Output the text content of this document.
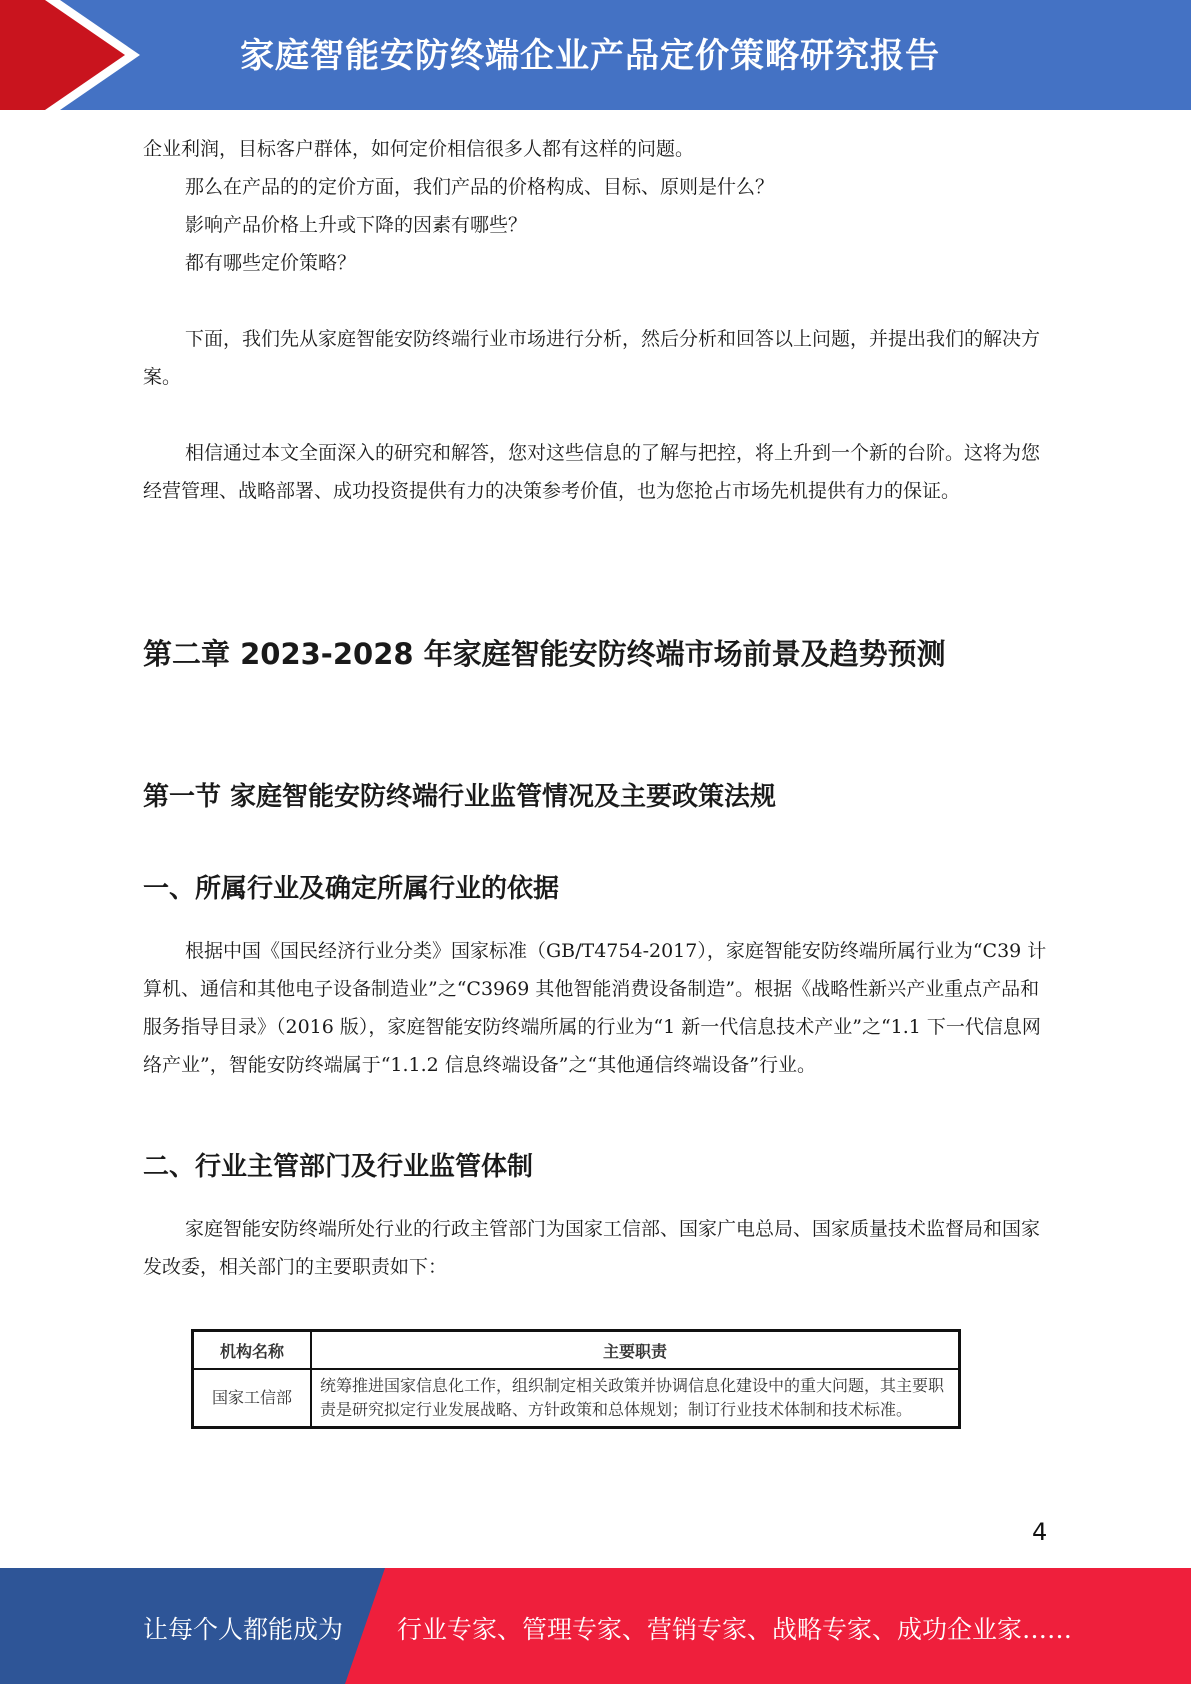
家庭智能安防终端企业产品定价策略研究报告

企业利润，目标客户群体，如何定价相信很多人都有这样的问题。

那么在产品的的定价方面，我们产品的价格构成、目标、原则是什么？

影响产品价格上升或下降的因素有哪些？

都有哪些定价策略？

下面，我们先从家庭智能安防终端行业市场进行分析，然后分析和回答以上问题，并提出我们的解决方案。

相信通过本文全面深入的研究和解答，您对这些信息的了解与把控，将上升到一个新的台阶。这将为您经营管理、战略部署、成功投资提供有力的决策参考价值，也为您抢占市场先机提供有力的保证。

第二章 2023-2028 年家庭智能安防终端市场前景及趋势预测
第一节 家庭智能安防终端行业监管情况及主要政策法规
一、所属行业及确定所属行业的依据

根据中国《国民经济行业分类》国家标准（GB/T4754-2017），家庭智能安防终端所属行业为“C39 计算机、通信和其他电子设备制造业”之“C3969 其他智能消费设备制造”。根据《战略性新兴产业重点产品和服务指导目录》（2016 版），家庭智能安防终端所属的行业为“1 新一代信息技术产业”之“1.1 下一代信息网络产业”，智能安防终端属于“1.1.2 信息终端设备”之“其他通信终端设备”行业。

二、行业主管部门及行业监管体制

家庭智能安防终端所处行业的行政主管部门为国家工信部、国家广电总局、国家质量技术监督局和国家发改委，相关部门的主要职责如下：

机构名称	主要职责
国家工信部	统筹推进国家信息化工作，组织制定相关政策并协调信息化建设中的重大问题，其主要职责是研究拟定行业发展战略、方针政策和总体规划；制订行业技术体制和技术标准。
4
让每个人都能成为 行业专家、管理专家、营销专家、战略专家、成功企业家……
